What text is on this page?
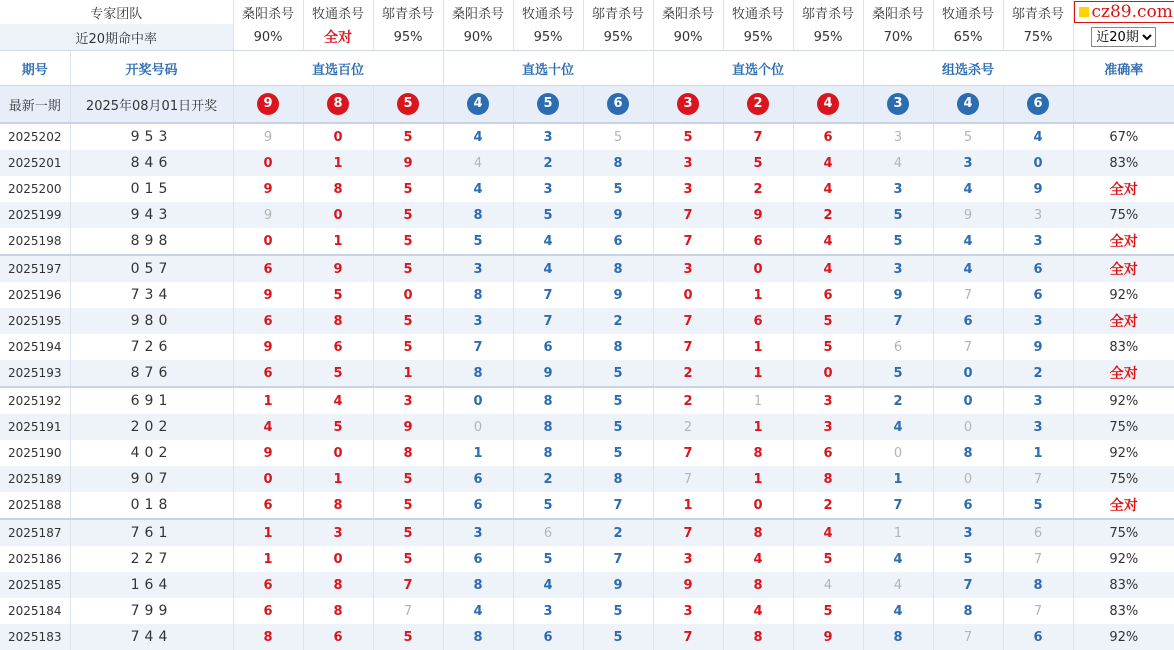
专家团队		桑阳杀号	牧通杀号	邬青杀号	桑阳杀号	牧通杀号	邬青杀号	桑阳杀号	牧通杀号	邬青杀号	桑阳杀号	牧通杀号	邬青杀号	cz89.com

近20期命中率		90%	全对	95%	90%	95%	95%	90%	95%	95%	70%	65%	75%	
近20期
期号	开奖号码	直选百位			直选十位			直选个位			组选杀号			准确率
最新一期	2025年08月01日开奖	9	8	5	4	5	6	3	2	4	3	4	6	
2025202	953	9	0	5	4	3	5	5	7	6	3	5	4	67%
2025201	846	0	1	9	4	2	8	3	5	4	4	3	0	83%
2025200	015	9	8	5	4	3	5	3	2	4	3	4	9	全对
2025199	943	9	0	5	8	5	9	7	9	2	5	9	3	75%
2025198	898	0	1	5	5	4	6	7	6	4	5	4	3	全对
2025197	057	6	9	5	3	4	8	3	0	4	3	4	6	全对
2025196	734	9	5	0	8	7	9	0	1	6	9	7	6	92%
2025195	980	6	8	5	3	7	2	7	6	5	7	6	3	全对
2025194	726	9	6	5	7	6	8	7	1	5	6	7	9	83%
2025193	876	6	5	1	8	9	5	2	1	0	5	0	2	全对
2025192	691	1	4	3	0	8	5	2	1	3	2	0	3	92%
2025191	202	4	5	9	0	8	5	2	1	3	4	0	3	75%
2025190	402	9	0	8	1	8	5	7	8	6	0	8	1	92%
2025189	907	0	1	5	6	2	8	7	1	8	1	0	7	75%
2025188	018	6	8	5	6	5	7	1	0	2	7	6	5	全对
2025187	761	1	3	5	3	6	2	7	8	4	1	3	6	75%
2025186	227	1	0	5	6	5	7	3	4	5	4	5	7	92%
2025185	164	6	8	7	8	4	9	9	8	4	4	7	8	83%
2025184	799	6	8	7	4	3	5	3	4	5	4	8	7	83%
2025183	744	8	6	5	8	6	5	7	8	9	8	7	6	92%
